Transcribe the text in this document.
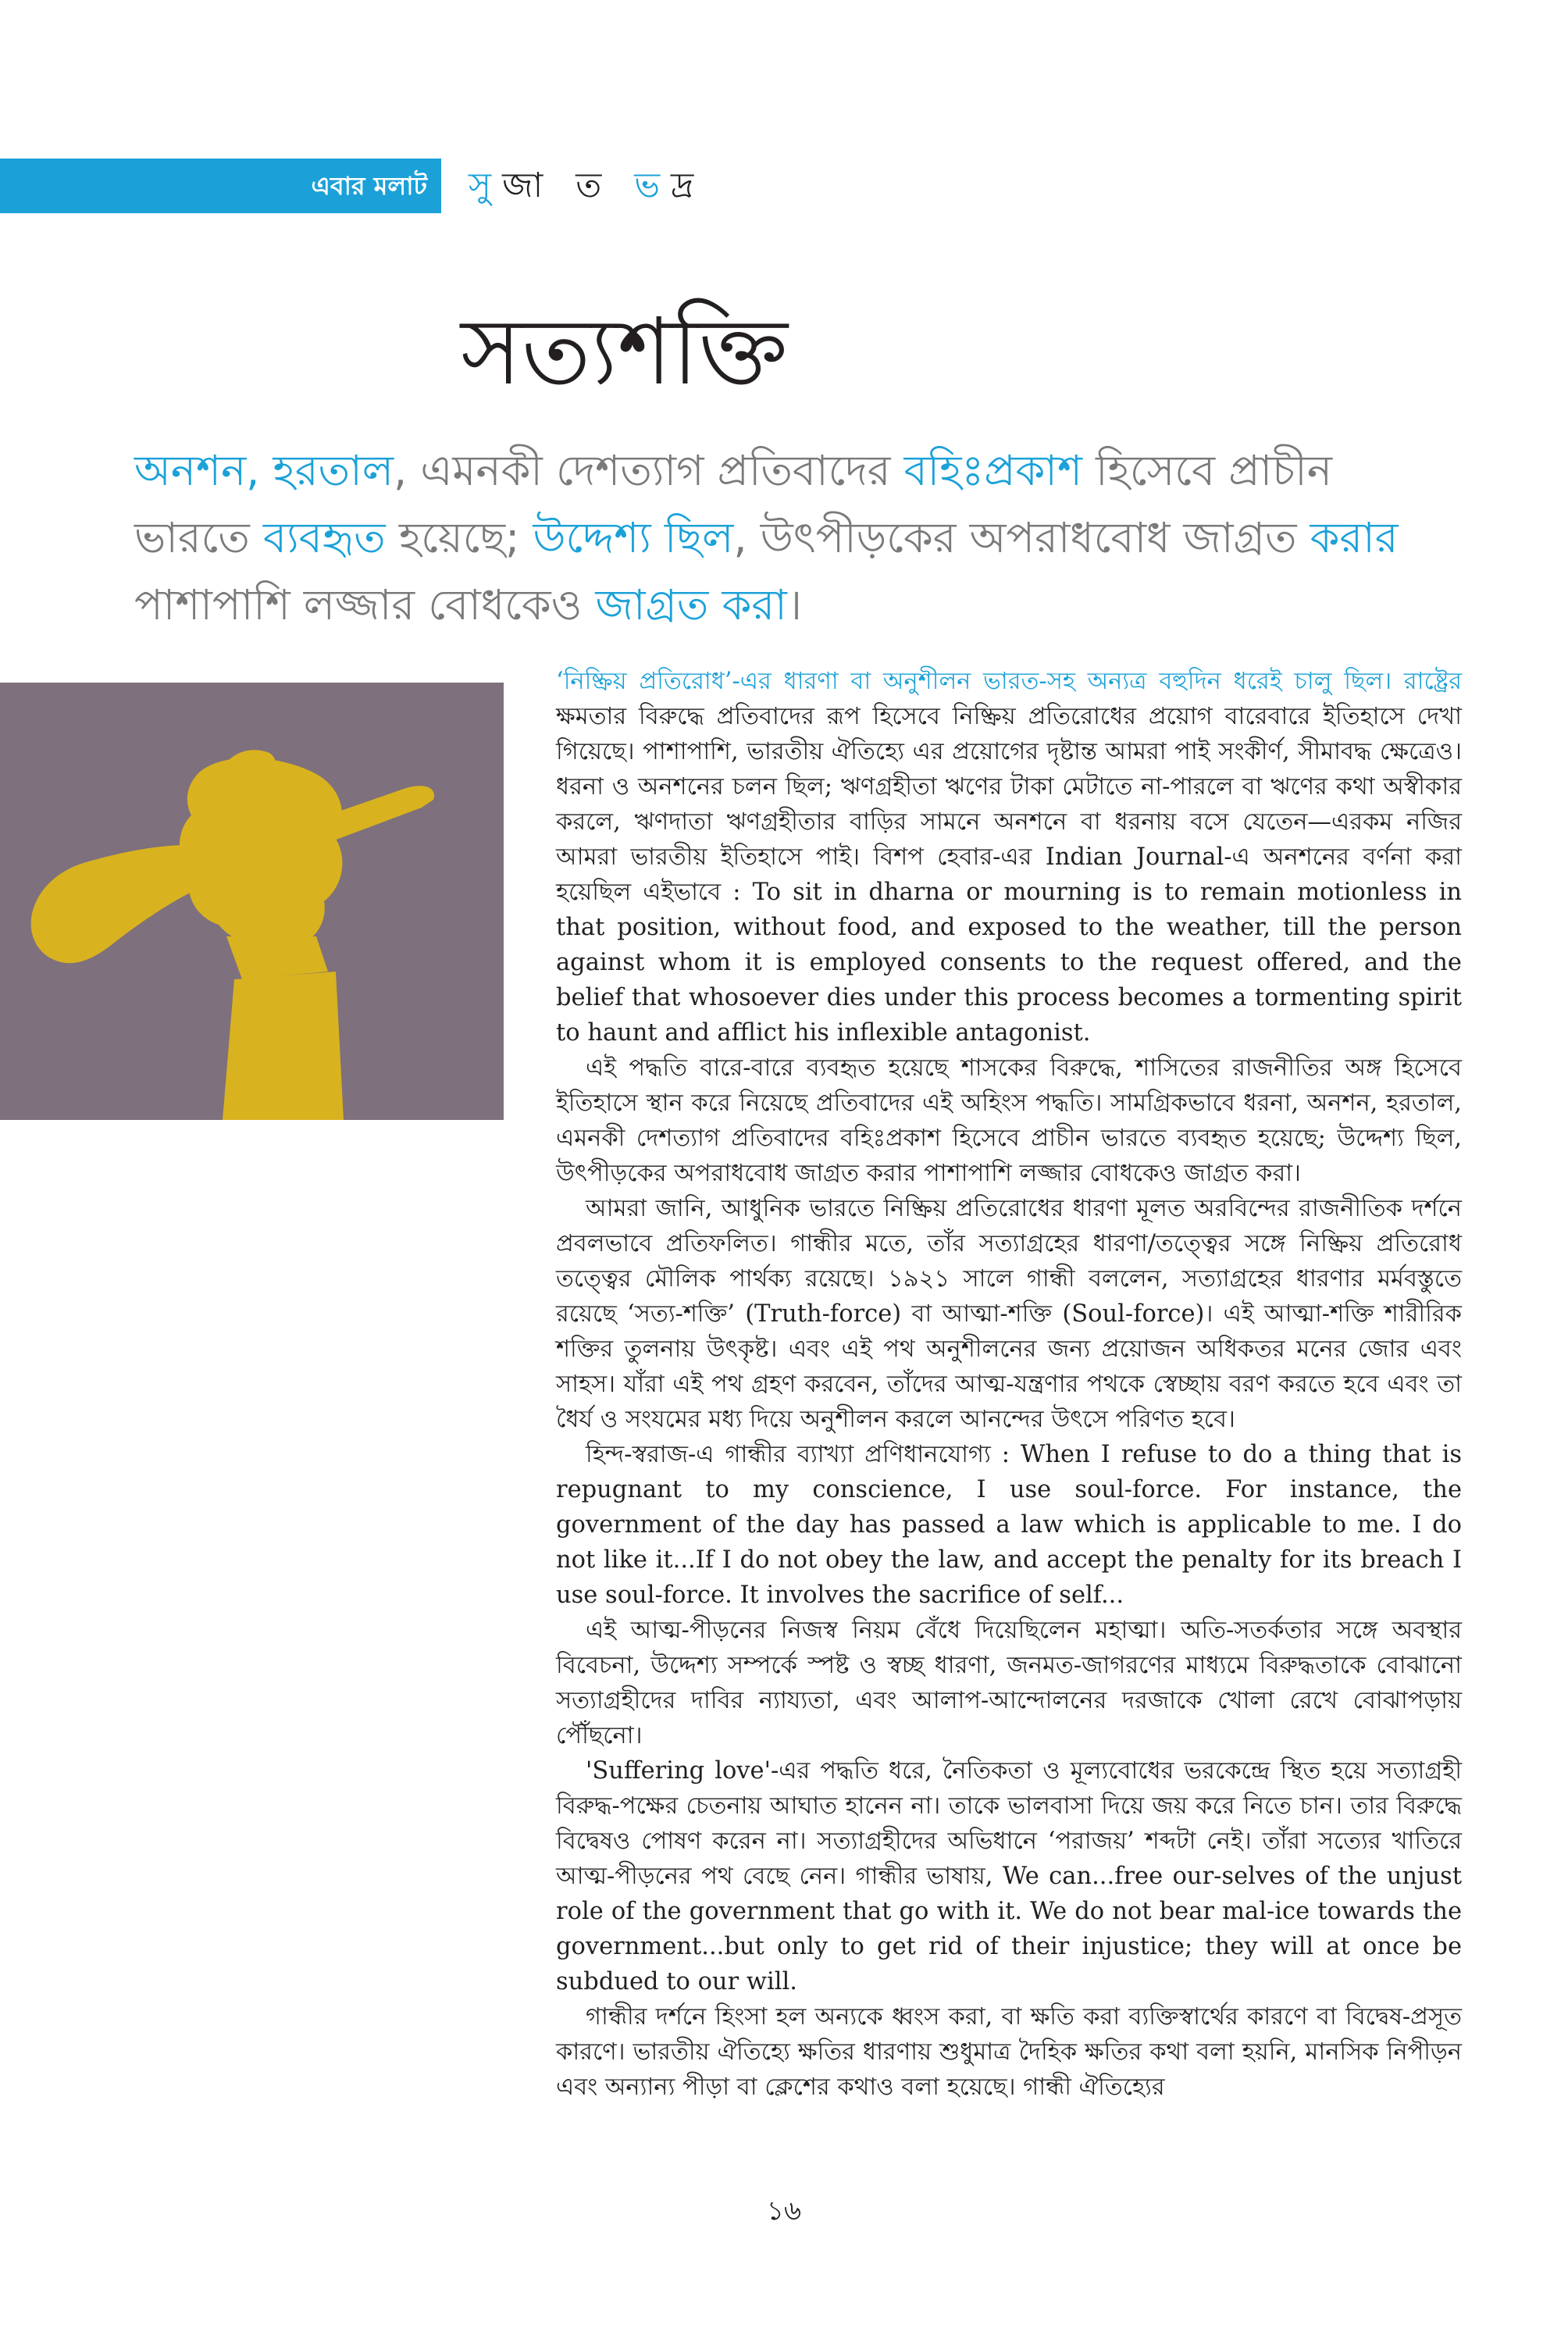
এবার মলাট	সুজা ত ভদ্র
সত্যশক্তি

অনশন, হরতাল, এমনকী দেশত্যাগ প্রতিবাদের বহিঃপ্রকাশ হিসেবে প্রাচীন ভারতে ব্যবহৃত হয়েছে; উদ্দেশ্য ছিল, উৎপীড়কের অপরাধবোধ জাগ্রত করার পাশাপাশি লজ্জার বোধকেও জাগ্রত করা।

‘নিষ্ক্রিয় প্রতিরোধ’-এর ধারণা বা অনুশীলন ভারত-সহ অন্যত্র বহুদিন ধরেই চালু ছিল। রাষ্ট্রের ক্ষমতার বিরুদ্ধে প্রতিবাদের রূপ হিসেবে নিষ্ক্রিয় প্রতিরোধের প্রয়োগ বারেবারে ইতিহাসে দেখা গিয়েছে। পাশাপাশি, ভারতীয় ঐতিহ্যে এর প্রয়োগের দৃষ্টান্ত আমরা পাই সংকীর্ণ, সীমাবদ্ধ ক্ষেত্রেও। ধরনা ও অনশনের চলন ছিল; ঋণগ্রহীতা ঋণের টাকা মেটাতে না-পারলে বা ঋণের কথা অস্বীকার করলে, ঋণদাতা ঋণগ্রহীতার বাড়ির সামনে অনশনে বা ধরনায় বসে যেতেন—এরকম নজির আমরা ভারতীয় ইতিহাসে পাই। বিশপ হেবার-এর Indian Journal-এ অনশনের বর্ণনা করা হয়েছিল এইভাবে : To sit in dharna or mourning is to remain motionless in that position, without food, and exposed to the weather, till the person against whom it is employed consents to the request offered, and the belief that whosoever dies under this process becomes a tormenting spirit to haunt and afflict his inflexible antagonist.

এই পদ্ধতি বারে-বারে ব্যবহৃত হয়েছে শাসকের বিরুদ্ধে, শাসিতের রাজনীতির অঙ্গ হিসেবে ইতিহাসে স্থান করে নিয়েছে প্রতিবাদের এই অহিংস পদ্ধতি। সামগ্রিকভাবে ধরনা, অনশন, হরতাল, এমনকী দেশত্যাগ প্রতিবাদের বহিঃপ্রকাশ হিসেবে প্রাচীন ভারতে ব্যবহৃত হয়েছে; উদ্দেশ্য ছিল, উৎপীড়কের অপরাধবোধ জাগ্রত করার পাশাপাশি লজ্জার বোধকেও জাগ্রত করা।

আমরা জানি, আধুনিক ভারতে নিষ্ক্রিয় প্রতিরোধের ধারণা মূলত অরবিন্দের রাজনীতিক দর্শনে প্রবলভাবে প্রতিফলিত। গান্ধীর মতে, তাঁর সত্যাগ্রহের ধারণা/তত্ত্বের সঙ্গে নিষ্ক্রিয় প্রতিরোধ তত্ত্বের মৌলিক পার্থক্য রয়েছে। ১৯২১ সালে গান্ধী বললেন, সত্যাগ্রহের ধারণার মর্মবস্তুতে রয়েছে ‘সত্য-শক্তি’ (Truth-force) বা আত্মা-শক্তি (Soul-force)। এই আত্মা-শক্তি শারীরিক শক্তির তুলনায় উৎকৃষ্ট। এবং এই পথ অনুশীলনের জন্য প্রয়োজন অধিকতর মনের জোর এবং সাহস। যাঁরা এই পথ গ্রহণ করবেন, তাঁদের আত্ম-যন্ত্রণার পথকে স্বেচ্ছায় বরণ করতে হবে এবং তা ধৈর্য ও সংযমের মধ্য দিয়ে অনুশীলন করলে আনন্দের উৎসে পরিণত হবে।

হিন্দ-স্বরাজ-এ গান্ধীর ব্যাখ্যা প্রণিধানযোগ্য : When I refuse to do a thing that is repugnant to my conscience, I use soul-force. For instance, the government of the day has passed a law which is applicable to me. I do not like it...If I do not obey the law, and accept the penalty for its breach I use soul-force. It involves the sacrifice of self...

এই আত্ম-পীড়নের নিজস্ব নিয়ম বেঁধে দিয়েছিলেন মহাত্মা। অতি-সতর্কতার সঙ্গে অবস্থার বিবেচনা, উদ্দেশ্য সম্পর্কে স্পষ্ট ও স্বচ্ছ ধারণা, জনমত-জাগরণের মাধ্যমে বিরুদ্ধতাকে বোঝানো সত্যাগ্রহীদের দাবির ন্যায্যতা, এবং আলাপ-আন্দোলনের দরজাকে খোলা রেখে বোঝাপড়ায় পৌঁছনো।

'Suffering love'-এর পদ্ধতি ধরে, নৈতিকতা ও মূল্যবোধের ভরকেন্দ্রে স্থিত হয়ে সত্যাগ্রহী বিরুদ্ধ-পক্ষের চেতনায় আঘাত হানেন না। তাকে ভালবাসা দিয়ে জয় করে নিতে চান। তার বিরুদ্ধে বিদ্বেষও পোষণ করেন না। সত্যাগ্রহীদের অভিধানে ‘পরাজয়’ শব্দটা নেই। তাঁরা সত্যের খাতিরে আত্ম-পীড়নের পথ বেছে নেন। গান্ধীর ভাষায়, We can...free our-selves of the unjust role of the government that go with it. We do not bear mal-ice towards the government...but only to get rid of their injustice; they will at once be subdued to our will.

গান্ধীর দর্শনে হিংসা হল অন্যকে ধ্বংস করা, বা ক্ষতি করা ব্যক্তিস্বার্থের কারণে বা বিদ্বেষ-প্রসূত কারণে। ভারতীয় ঐতিহ্যে ক্ষতির ধারণায় শুধুমাত্র দৈহিক ক্ষতির কথা বলা হয়নি, মানসিক নিপীড়ন এবং অন্যান্য পীড়া বা ক্লেশের কথাও বলা হয়েছে। গান্ধী ঐতিহ্যের

১৬
